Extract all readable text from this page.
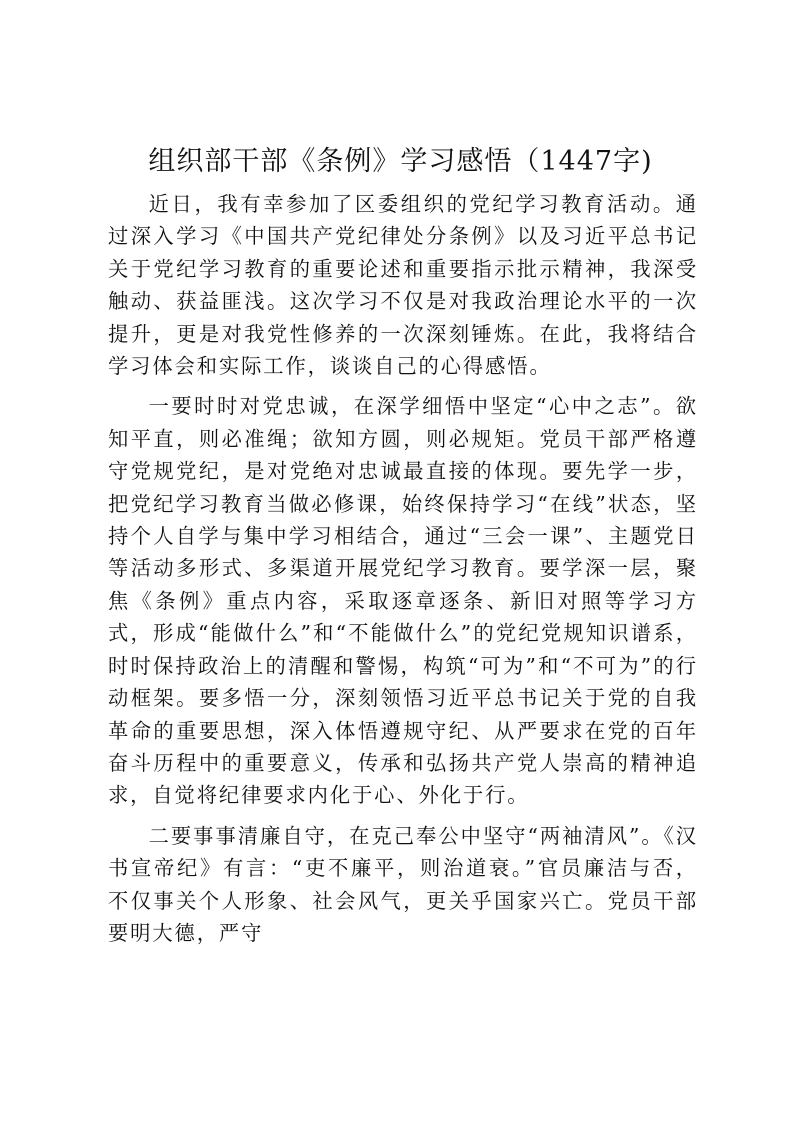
组织部干部《条例》学习感悟（1447字)

近日，我有幸参加了区委组织的党纪学习教育活动。通过深入学习《中国共产党纪律处分条例》以及习近平总书记关于党纪学习教育的重要论述和重要指示批示精神，我深受触动、获益匪浅。这次学习不仅是对我政治理论水平的一次提升，更是对我党性修养的一次深刻锤炼。在此，我将结合学习体会和实际工作，谈谈自己的心得感悟。

一要时时对党忠诚，在深学细悟中坚定“心中之志”。欲知平直，则必准绳；欲知方圆，则必规矩。党员干部严格遵守党规党纪，是对党绝对忠诚最直接的体现。要先学一步，把党纪学习教育当做必修课，始终保持学习“在线”状态，坚持个人自学与集中学习相结合，通过“三会一课”、主题党日等活动多形式、多渠道开展党纪学习教育。要学深一层，聚焦《条例》重点内容，采取逐章逐条、新旧对照等学习方式，形成“能做什么”和“不能做什么”的党纪党规知识谱系，时时保持政治上的清醒和警惕，构筑“可为”和“不可为”的行动框架。要多悟一分，深刻领悟习近平总书记关于党的自我革命的重要思想，深入体悟遵规守纪、从严要求在党的百年奋斗历程中的重要意义，传承和弘扬共产党人崇高的精神追求，自觉将纪律要求内化于心、外化于行。

二要事事清廉自守，在克己奉公中坚守“两袖清风”。《汉书宣帝纪》有言：“吏不廉平，则治道衰。”官员廉洁与否，不仅事关个人形象、社会风气，更关乎国家兴亡。党员干部要明大德，严守
